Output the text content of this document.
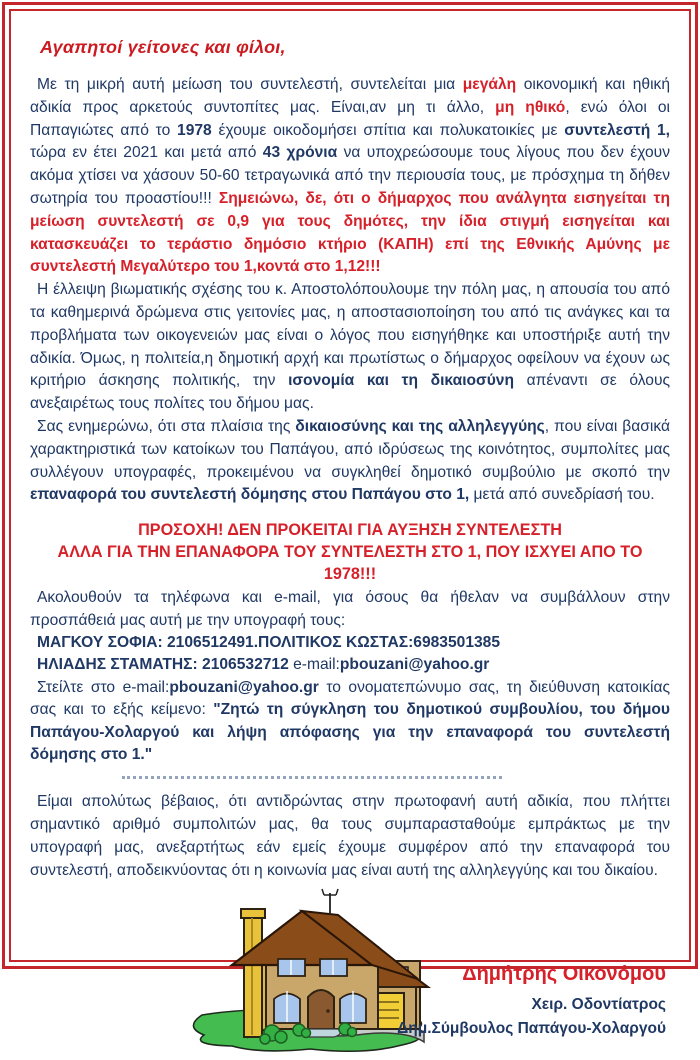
Αγαπητοί γείτονες και φίλοι,

Με τη μικρή αυτή μείωση του συντελεστή, συντελείται μια μεγάλη οικονομική και ηθική αδικία προς αρκετούς συντοπίτες μας. Είναι,αν μη τι άλλο, μη ηθικό, ενώ όλοι οι Παπαγιώτες από το 1978 έχουμε οικοδομήσει σπίτια και πολυκατοικίες με συντελεστή 1, τώρα εν έτει 2021 και μετά από 43 χρόνια να υποχρεώσουμε τους λίγους που δεν έχουν ακόμα χτίσει να χάσουν 50-60 τετραγωνικά από την περιουσία τους, με πρόσχημα τη δήθεν σωτηρία του προαστίου!!! Σημειώνω, δε, ότι ο δήμαρχος που ανάλγητα εισηγείται τη μείωση συντελεστή σε 0,9 για τους δημότες, την ίδια στιγμή εισηγείται και κατασκευάζει το τεράστιο δημόσιο κτήριο (ΚΑΠΗ) επί της Εθνικής Αμύνης με συντελεστή Μεγαλύτερο του 1,κοντά στο 1,12!!!

Η έλλειψη βιωματικής σχέσης του κ. Αποστολόπουλουμε την πόλη μας, η απουσία του από τα καθημερινά δρώμενα στις γειτονίες μας, η αποστασιοποίηση του από τις ανάγκες και τα προβλήματα των οικογενειών μας είναι ο λόγος που εισηγήθηκε και υποστήριξε αυτή την αδικία. Όμως, η πολιτεία,η δημοτική αρχή και πρωτίστως ο δήμαρχος οφείλουν να έχουν ως κριτήριο άσκησης πολιτικής, την ισονομία και τη δικαιοσύνη απέναντι σε όλους ανεξαιρέτως τους πολίτες του δήμου μας.

Σας ενημερώνω, ότι στα πλαίσια της δικαιοσύνης και της αλληλεγγύης, που είναι βασικά χαρακτηριστικά των κατοίκων του Παπάγου, από ιδρύσεως της κοινότητος, συμπολίτες μας συλλέγουν υπογραφές, προκειμένου να συγκληθεί δημοτικό συμβούλιο με σκοπό την επαναφορά του συντελεστή δόμησης στου Παπάγου στο 1, μετά από συνεδρίασή του.

ΠΡΟΣΟΧΗ! ΔΕΝ ΠΡΟΚΕΙΤΑΙ ΓΙΑ ΑΥΞΗΣΗ ΣΥΝΤΕΛΕΣΤΗ
ΑΛΛΑ ΓΙΑ ΤΗΝ ΕΠΑΝΑΦΟΡΑ ΤΟΥ ΣΥΝΤΕΛΕΣΤΗ ΣΤΟ 1, ΠΟΥ ΙΣΧΥΕΙ ΑΠΟ ΤΟ 1978!!!

Ακολουθούν τα τηλέφωνα και e-mail, για όσους θα ήθελαν να συμβάλλουν στην προσπάθειά μας αυτή με την υπογραφή τους:

ΜΑΓΚΟΥ ΣΟΦΙΑ: 2106512491.ΠΟΛΙΤΙΚΟΣ ΚΩΣΤΑΣ:6983501385

ΗΛΙΑΔΗΣ ΣΤΑΜΑΤΗΣ: 2106532712 e-mail:pbouzani@yahoo.gr

Στείλτε στο e-mail:pbouzani@yahoo.gr το ονοματεπώνυμο σας, τη διεύθυνση κατοικίας σας και το εξής κείμενο: "Ζητώ τη σύγκληση του δημοτικού συμβουλίου, του δήμου Παπάγου-Χολαργού και λήψη απόφασης για την επαναφορά του συντελεστή δόμησης στο 1."

Είμαι απολύτως βέβαιος, ότι αντιδρώντας στην πρωτοφανή αυτή αδικία, που πλήττει σημαντικό αριθμό συμπολιτών μας, θα τους συμπαρασταθούμε εμπράκτως με την υπογραφή μας, ανεξαρτήτως εάν εμείς έχουμε συμφέρον από την επαναφορά του συντελεστή, αποδεικνύοντας ότι η κοινωνία μας είναι αυτή της αλληλεγγύης και του δικαίου.

Δημήτρης Οικονόμου

Χειρ. Οδοντίατρος

Δημ.Σύμβουλος Παπάγου-Χολαργού
